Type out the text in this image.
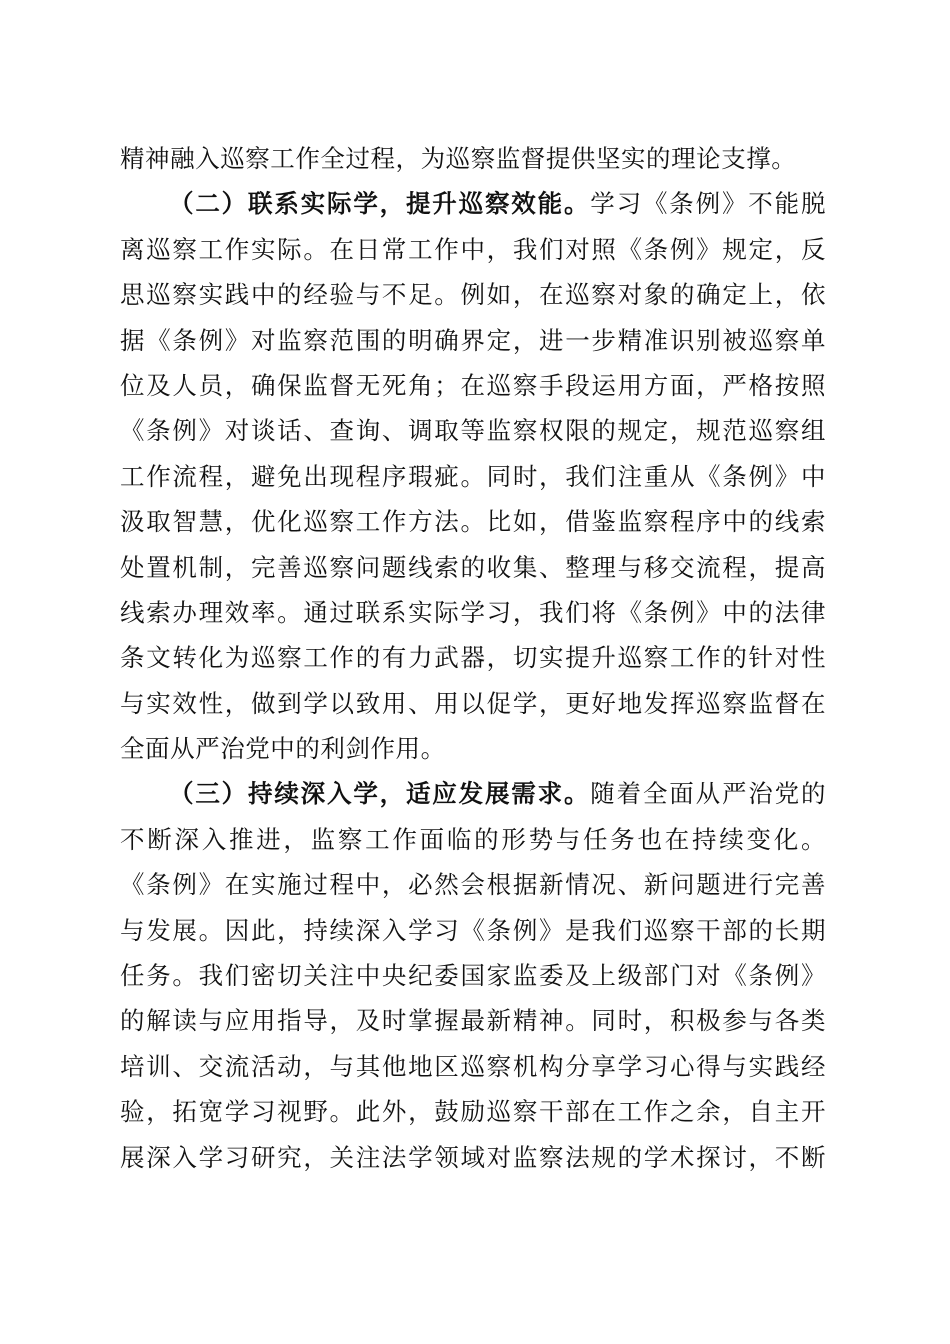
精神融入巡察工作全过程，为巡察监督提供坚实的理论支撑。
（二）联系实际学，提升巡察效能。学习《条例》不能脱
离巡察工作实际。在日常工作中，我们对照《条例》规定，反
思巡察实践中的经验与不足。例如，在巡察对象的确定上，依
据《条例》对监察范围的明确界定，进一步精准识别被巡察单
位及人员，确保监督无死角；在巡察手段运用方面，严格按照
《条例》对谈话、查询、调取等监察权限的规定，规范巡察组
工作流程，避免出现程序瑕疵。同时，我们注重从《条例》中
汲取智慧，优化巡察工作方法。比如，借鉴监察程序中的线索
处置机制，完善巡察问题线索的收集、整理与移交流程，提高
线索办理效率。通过联系实际学习，我们将《条例》中的法律
条文转化为巡察工作的有力武器，切实提升巡察工作的针对性
与实效性，做到学以致用、用以促学，更好地发挥巡察监督在
全面从严治党中的利剑作用。
（三）持续深入学，适应发展需求。随着全面从严治党的
不断深入推进，监察工作面临的形势与任务也在持续变化。
《条例》在实施过程中，必然会根据新情况、新问题进行完善
与发展。因此，持续深入学习《条例》是我们巡察干部的长期
任务。我们密切关注中央纪委国家监委及上级部门对《条例》
的解读与应用指导，及时掌握最新精神。同时，积极参与各类
培训、交流活动，与其他地区巡察机构分享学习心得与实践经
验，拓宽学习视野。此外，鼓励巡察干部在工作之余，自主开
展深入学习研究，关注法学领域对监察法规的学术探讨，不断
